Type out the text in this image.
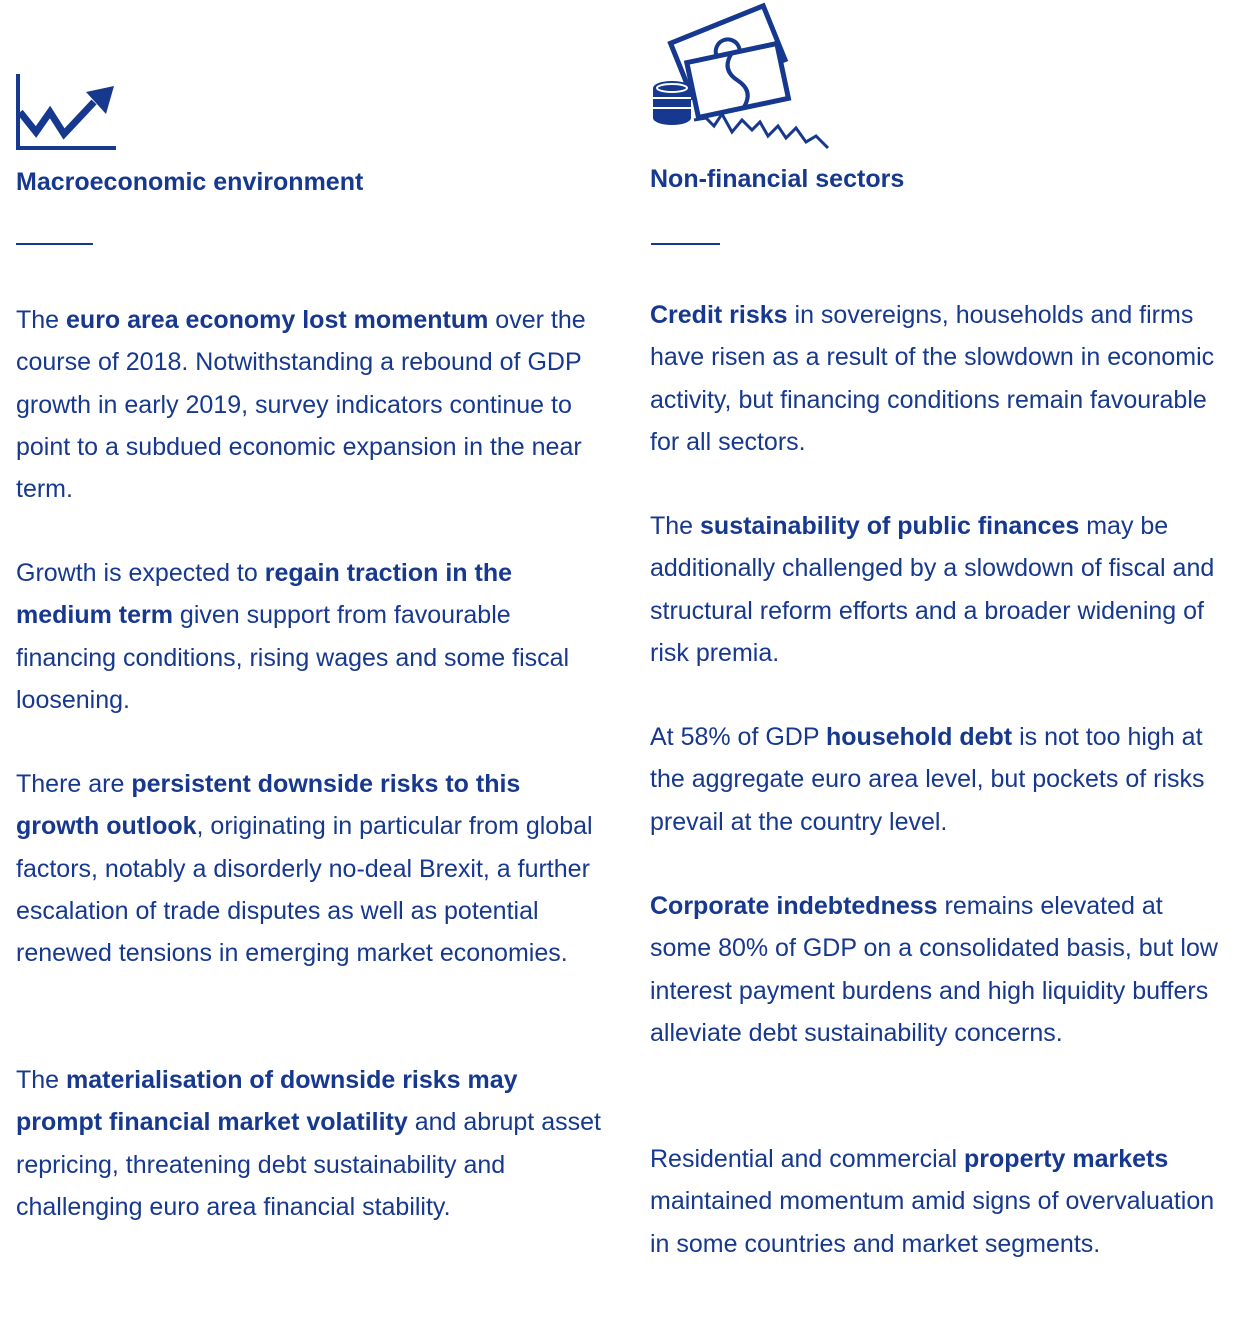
Macroeconomic environment

The euro area economy lost momentum over the course of 2018. Notwithstanding a rebound of GDP growth in early 2019, survey indicators continue to point to a subdued economic expansion in the near term.

Growth is expected to regain traction in the medium term given support from favourable financing conditions, rising wages and some fiscal loosening.

There are persistent downside risks to this growth outlook, originating in particular from global factors, notably a disorderly no-deal Brexit, a further escalation of trade disputes as well as potential renewed tensions in emerging market economies.

The materialisation of downside risks may prompt financial market volatility and abrupt asset repricing, threatening debt sustainability and challenging euro area financial stability.

Non-financial sectors

Credit risks in sovereigns, households and firms have risen as a result of the slowdown in economic activity, but financing conditions remain favourable for all sectors.

The sustainability of public finances may be additionally challenged by a slowdown of fiscal and structural reform efforts and a broader widening of risk premia.

At 58% of GDP household debt is not too high at the aggregate euro area level, but pockets of risks prevail at the country level.

Corporate indebtedness remains elevated at some 80% of GDP on a consolidated basis, but low interest payment burdens and high liquidity buffers alleviate debt sustainability concerns.

Residential and commercial property markets maintained momentum amid signs of overvaluation in some countries and market segments.
